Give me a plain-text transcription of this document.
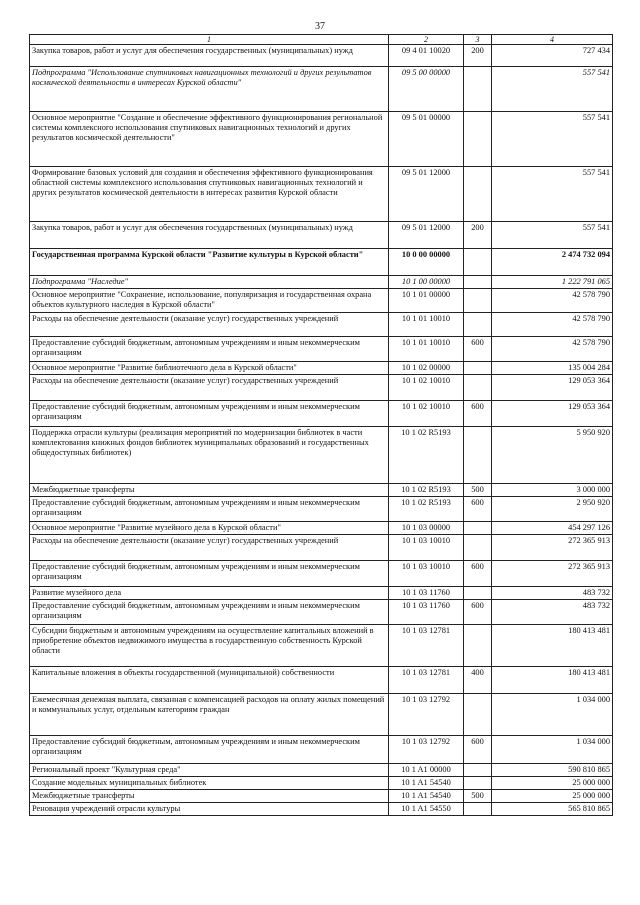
37
1	2	3	4
Закупка товаров, работ и услуг для обеспечения государственных (муниципальных) нужд	09 4 01 10020	200	727 434
Подпрограмма "Использование спутниковых навигационных технологий и других результатов космической деятельности в интересах Курской области"	09 5 00 00000		557 541
Основное мероприятие "Создание и обеспечение эффективного функционирования региональной системы комплексного использования спутниковых навигационных технологий и других результатов космической деятельности"	09 5 01 00000		557 541
Формирование базовых условий для создания и обеспечения эффективного функционирования областной системы комплексного использования спутниковых навигационных технологий и других результатов космической деятельности в интересах развития Курской области	09 5 01 12000		557 541
Закупка товаров, работ и услуг для обеспечения государственных (муниципальных) нужд	09 5 01 12000	200	557 541
Государственная программа Курской области "Развитие культуры в Курской области"	10 0 00 00000		2 474 732 094
Подпрограмма "Наследие"	10 1 00 00000		1 222 791 065
Основное мероприятие "Сохранение, использование, популяризация и государственная охрана объектов культурного наследия в Курской области"	10 1 01 00000		42 578 790
Расходы на обеспечение деятельности (оказание услуг) государственных учреждений	10 1 01 10010		42 578 790
Предоставление субсидий бюджетным, автономным учреждениям и иным некоммерческим организациям	10 1 01 10010	600	42 578 790
Основное мероприятие "Развитие библиотечного дела в Курской области"	10 1 02 00000		135 004 284
Расходы на обеспечение деятельности (оказание услуг) государственных учреждений	10 1 02 10010		129 053 364
Предоставление субсидий бюджетным, автономным учреждениям и иным некоммерческим организациям	10 1 02 10010	600	129 053 364
Поддержка отрасли культуры (реализация мероприятий по модернизации библиотек в части комплектования книжных фондов библиотек муниципальных образований и государственных общедоступных библиотек)	10 1 02 R5193		5 950 920
Межбюджетные трансферты	10 1 02 R5193	500	3 000 000
Предоставление субсидий бюджетным, автономным учреждениям и иным некоммерческим организациям	10 1 02 R5193	600	2 950 920
Основное мероприятие "Развитие музейного дела в Курской области"	10 1 03 00000		454 297 126
Расходы на обеспечение деятельности (оказание услуг) государственных учреждений	10 1 03 10010		272 365 913
Предоставление субсидий бюджетным, автономным учреждениям и иным некоммерческим организациям	10 1 03 10010	600	272 365 913
Развитие музейного дела	10 1 03 11760		483 732
Предоставление субсидий бюджетным, автономным учреждениям и иным некоммерческим организациям	10 1 03 11760	600	483 732
Субсидии бюджетным и автономным учреждениям на осуществление капитальных вложений в приобретение объектов недвижимого имущества в государственную собственность Курской области	10 1 03 12781		180 413 481
Капитальные вложения в объекты государственной (муниципальной) собственности	10 1 03 12781	400	180 413 481
Ежемесячная денежная выплата, связанная с компенсацией расходов на оплату жилых помещений и коммунальных услуг, отдельным категориям граждан	10 1 03 12792		1 034 000
Предоставление субсидий бюджетным, автономным учреждениям и иным некоммерческим организациям	10 1 03 12792	600	1 034 000
Региональный проект "Культурная среда"	10 1 A1 00000		590 810 865
Создание модельных муниципальных библиотек	10 1 A1 54540		25 000 000
Межбюджетные трансферты	10 1 A1 54540	500	25 000 000
Реновация учреждений отрасли культуры	10 1 A1 54550		565 810 865
